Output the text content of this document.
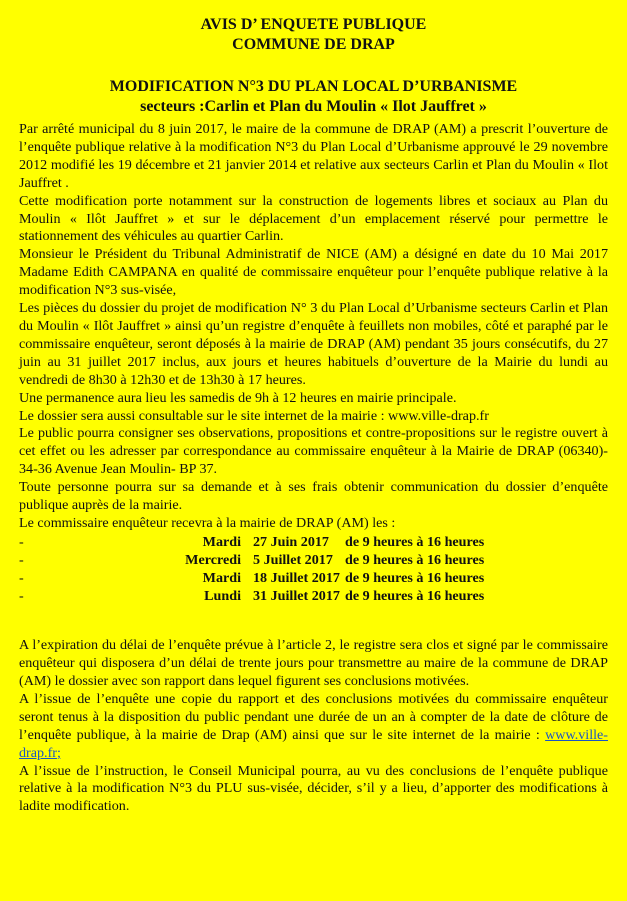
AVIS D’ ENQUETE PUBLIQUE

COMMUNE DE DRAP

MODIFICATION N°3 DU PLAN LOCAL D’URBANISME

secteurs :Carlin et Plan du Moulin « Ilot Jauffret »

Par arrêté municipal du 8 juin 2017, le maire de la commune de DRAP (AM) a prescrit l’ouverture de l’enquête publique relative à la modification N°3 du Plan Local d’Urbanisme approuvé le 29 novembre 2012 modifié les 19 décembre et 21 janvier 2014 et relative aux secteurs Carlin et Plan du Moulin « Ilot Jauffret .

Cette modification porte notamment sur la construction de logements libres et sociaux au Plan du Moulin « Ilôt Jauffret » et sur le déplacement d’un emplacement réservé pour permettre le stationnement des véhicules au quartier Carlin.

Monsieur le Président du Tribunal Administratif de NICE (AM) a désigné en date du 10 Mai 2017 Madame Edith CAMPANA en qualité de commissaire enquêteur pour l’enquête publique relative à la modification N°3 sus-visée,

Les pièces du dossier du projet de modification N° 3 du Plan Local d’Urbanisme secteurs Carlin et Plan du Moulin « Ilôt Jauffret » ainsi qu’un registre d’enquête à feuillets non mobiles, côté et paraphé par le commissaire enquêteur, seront déposés à la mairie de DRAP (AM) pendant 35 jours consécutifs, du 27 juin au 31 juillet 2017 inclus, aux jours et heures habituels d’ouverture de la Mairie du lundi au vendredi de 8h30 à 12h30 et de 13h30 à 17 heures.

Une permanence aura lieu les samedis de 9h à 12 heures en mairie principale.

Le dossier sera aussi consultable sur le site internet de la mairie : www.ville-drap.fr

Le public pourra consigner ses observations, propositions et contre-propositions sur le registre ouvert à cet effet ou les adresser par correspondance au commissaire enquêteur à la Mairie de DRAP (06340)- 34-36 Avenue Jean Moulin- BP 37.

Toute personne pourra sur sa demande et à ses frais obtenir communication du dossier d’enquête publique auprès de la mairie.

Le commissaire enquêteur recevra à la mairie de DRAP (AM) les :

-	Mardi	27 Juin 2017	de 9 heures à 16 heures
-	Mercredi	5 Juillet 2017	de 9 heures à 16 heures
-	Mardi	18 Juillet 2017	de 9 heures à 16 heures
-	Lundi	31 Juillet 2017	de 9 heures à 16 heures

A l’expiration du délai de l’enquête prévue à l’article 2, le registre sera clos et signé par le commissaire enquêteur qui disposera d’un délai de trente jours pour transmettre au maire de la commune de DRAP (AM) le dossier avec son rapport dans lequel figurent ses conclusions motivées.

A l’issue de l’enquête une copie du rapport et des conclusions motivées du commissaire enquêteur seront tenus à la disposition du public pendant une durée de un an à compter de la date de clôture de l’enquête publique, à la mairie de Drap (AM) ainsi que sur le site internet de la mairie : www.ville-drap.fr;

A l’issue de l’instruction, le Conseil Municipal pourra, au vu des conclusions de l’enquête publique relative à la modification N°3 du PLU sus-visée, décider, s’il y a lieu, d’apporter des modifications à ladite modification.
